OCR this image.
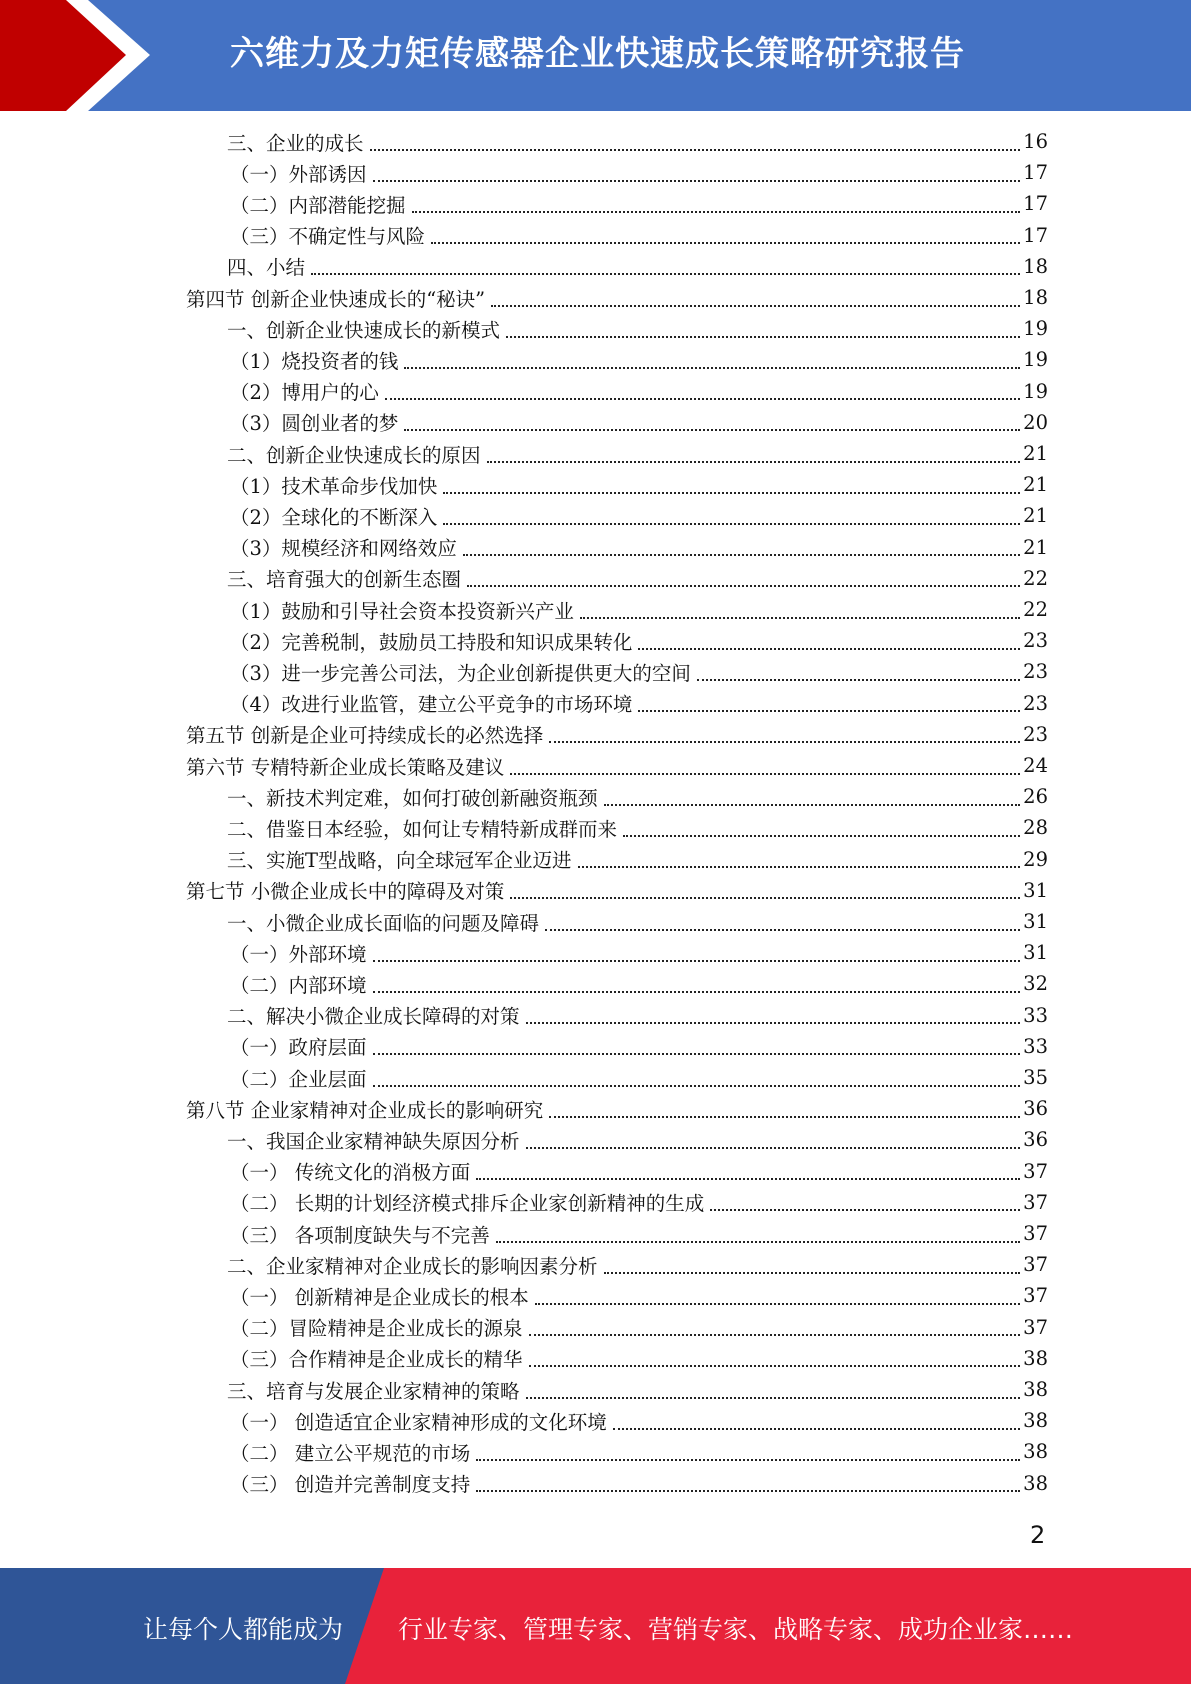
六维力及力矩传感器企业快速成长策略研究报告
三、企业的成长	16
（一）外部诱因	17
（二）内部潜能挖掘	17
（三）不确定性与风险	17
四、小结	18
第四节 创新企业快速成长的“秘诀”	18
一、创新企业快速成长的新模式	19
（1）烧投资者的钱	19
（2）博用户的心	19
（3）圆创业者的梦	20
二、创新企业快速成长的原因	21
（1）技术革命步伐加快	21
（2）全球化的不断深入	21
（3）规模经济和网络效应	21
三、培育强大的创新生态圈	22
（1）鼓励和引导社会资本投资新兴产业	22
（2）完善税制，鼓励员工持股和知识成果转化	23
（3）进一步完善公司法，为企业创新提供更大的空间	23
（4）改进行业监管，建立公平竞争的市场环境	23
第五节 创新是企业可持续成长的必然选择	23
第六节 专精特新企业成长策略及建议	24
一、新技术判定难，如何打破创新融资瓶颈	26
二、借鉴日本经验，如何让专精特新成群而来	28
三、实施T型战略，向全球冠军企业迈进	29
第七节 小微企业成长中的障碍及对策	31
一、小微企业成长面临的问题及障碍	31
（一）外部环境	31
（二）内部环境	32
二、解决小微企业成长障碍的对策	33
（一）政府层面	33
（二）企业层面	35
第八节 企业家精神对企业成长的影响研究	36
一、我国企业家精神缺失原因分析	36
（一） 传统文化的消极方面	37
（二） 长期的计划经济模式排斥企业家创新精神的生成	37
（三） 各项制度缺失与不完善	37
二、企业家精神对企业成长的影响因素分析	37
（一） 创新精神是企业成长的根本	37
（二）冒险精神是企业成长的源泉	37
（三）合作精神是企业成长的精华	38
三、培育与发展企业家精神的策略	38
（一） 创造适宜企业家精神形成的文化环境	38
（二） 建立公平规范的市场	38
（三） 创造并完善制度支持	38
2
让每个人都能成为 行业专家、管理专家、营销专家、战略专家、成功企业家……
